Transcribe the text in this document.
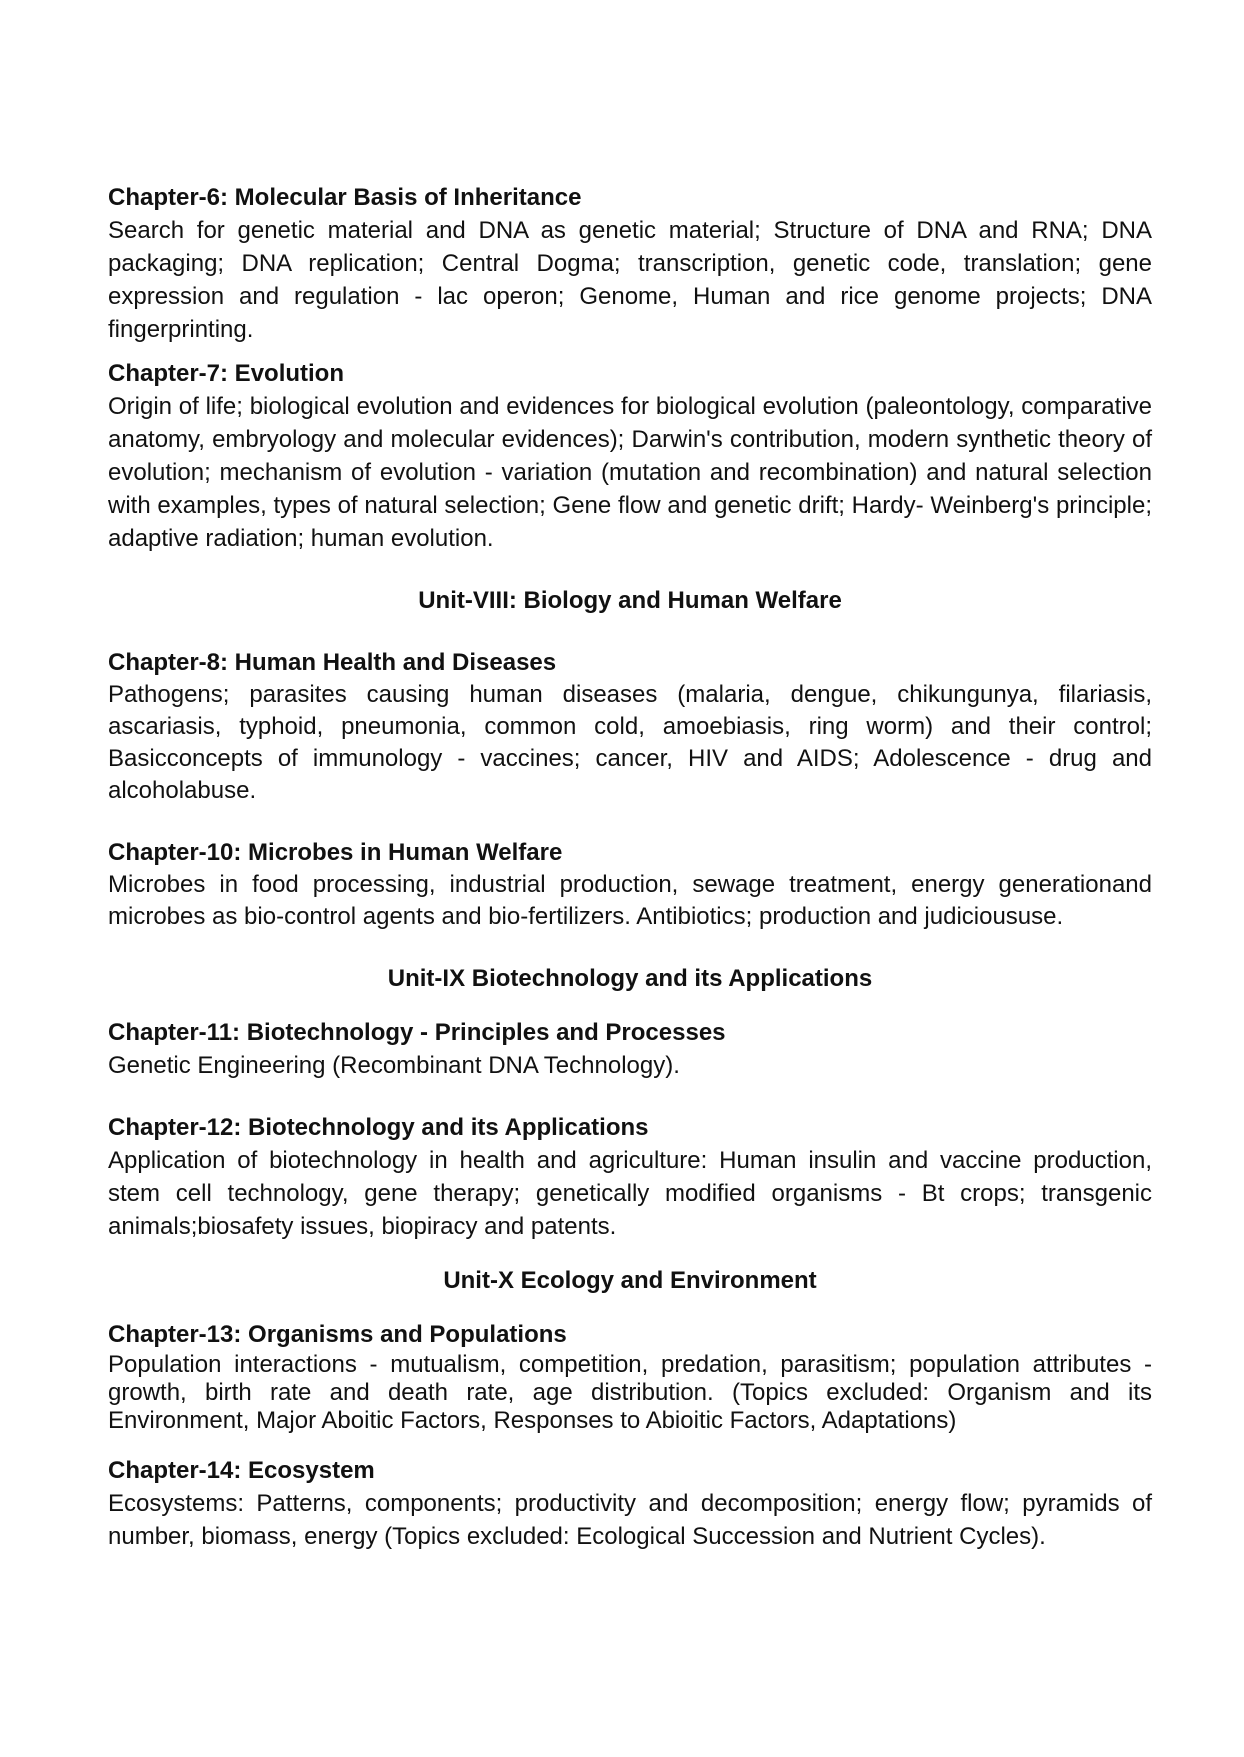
Chapter-6: Molecular Basis of Inheritance

Search for genetic material and DNA as genetic material; Structure of DNA and RNA; DNA packaging; DNA replication; Central Dogma; transcription, genetic code, translation; gene expression and regulation - lac operon; Genome, Human and rice genome projects; DNA fingerprinting.

Chapter-7: Evolution

Origin of life; biological evolution and evidences for biological evolution (paleontology, comparative anatomy, embryology and molecular evidences); Darwin's contribution, modern synthetic theory of evolution; mechanism of evolution - variation (mutation and recombination) and natural selection with examples, types of natural selection; Gene flow and genetic drift; Hardy- Weinberg's principle; adaptive radiation; human evolution.

Unit-VIII: Biology and Human Welfare
Chapter-8: Human Health and Diseases

Pathogens; parasites causing human diseases (malaria, dengue, chikungunya, filariasis, ascariasis, typhoid, pneumonia, common cold, amoebiasis, ring worm) and their control; Basicconcepts of immunology - vaccines; cancer, HIV and AIDS; Adolescence - drug and alcoholabuse.

Chapter-10: Microbes in Human Welfare

Microbes in food processing, industrial production, sewage treatment, energy generationand microbes as bio-control agents and bio-fertilizers. Antibiotics; production and judicioususe.

Unit-IX Biotechnology and its Applications
Chapter-11: Biotechnology - Principles and Processes

Genetic Engineering (Recombinant DNA Technology).

Chapter-12: Biotechnology and its Applications

Application of biotechnology in health and agriculture: Human insulin and vaccine production, stem cell technology, gene therapy; genetically modified organisms - Bt crops; transgenic animals;biosafety issues, biopiracy and patents.

Unit-X Ecology and Environment
Chapter-13: Organisms and Populations

Population interactions - mutualism, competition, predation, parasitism; population attributes - growth, birth rate and death rate, age distribution. (Topics excluded: Organism and its Environment, Major Aboitic Factors, Responses to Abioitic Factors, Adaptations)

Chapter-14: Ecosystem

Ecosystems: Patterns, components; productivity and decomposition; energy flow; pyramids of number, biomass, energy (Topics excluded: Ecological Succession and Nutrient Cycles).
